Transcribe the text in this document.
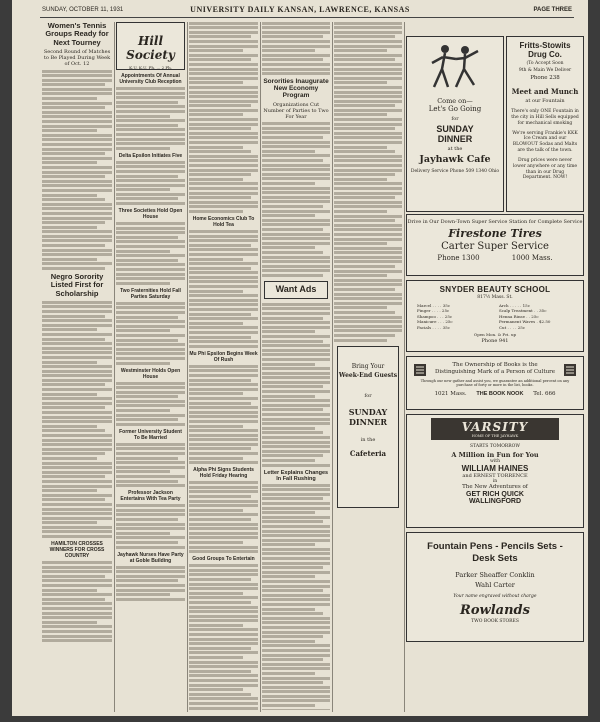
SUNDAY, OCTOBER 11, 1931	UNIVERSITY DAILY KANSAN, LAWRENCE, KANSAS	PAGE THREE
Women's Tennis Groups Ready for Next Tourney
Second Round of Matches to Be Played During Week of Oct. 12
Negro Sorority Listed First for Scholarship
HAMILTON CROSSES WINNERS FOR CROSS COUNTRY
Hill Society
K.U. K.U. Ph. ... 2 Ph.
Appointments Of Annual University Club Reception
Delta Epsilon Initiates Five
Three Societies Hold Open House
Two Fraternities Hold Fall Parties Saturday
Westminster Holds Open House
Former University Student To Be Married
Professor Jackson Entertains With Tea Party
Jayhawk Nurses Have Party at Goble Building
Home Economics Club To Hold Tea
Mu Phi Epsilon Begins Week Of Rush
Alpha Phi Signs Students Hold Friday Hearing
Good Groups To Entertain
Sororities Inaugurate New Economy Program
Organizations Cut Number of Parties to Two For Year
Want Ads
Letter Explains Changes In Fall Rushing
Bring Your
Week-End Guests
for
SUNDAY
DINNER
in the
Cafeteria
Come on—
Let's Go Going
for
SUNDAY
DINNER
at the
Jayhawk Cafe
Delivery Service Phone 509 1340 Ohio
Fritts-Stowits Drug Co.
(To Accept Soon
9th & Main We Deliver
Phone 238
Meet and Munch
at our Fountain
There's only ONE Fountain in the city in Hill Sells equipped for mechanical smoking
We're serving Frankie's KKK Ice Cream and our BLOWOUT Sodas and Malts are the talk of the town.
Drug prices were never lower anywhere or any time than in our Drug Department. NOW!
Drive in Our Down-Town Super Service Station for Complete Service
Firestone Tires
Carter Super Service
Phone 1300	1000 Mass.
SNYDER BEAUTY SCHOOL
817½ Mass. St.
Marcel . . . . 35c	Arch . . . . . 15c
Finger . . . . 25c	Scalp Treatment . . 35c
Shampoo . . . 25c	Henna Rinse . . 25c
Manicure . . . 25c	Permanent Waves . $2.50
Facials . . . . 35c	Cut . . . . 25c
Open Mon. & Fri. up
Phone 941
The Ownership of Books is the Distinguishing Mark of a Person of Culture
Through our new gather and assist you, we guarantee an additional percent on any purchase of forty or more in the list, books.
1021 Mass. THE BOOK NOOK Tel. 666
VARSITY
HOME OF THE JAYHAWK
STARTS TOMORROW
A Million in Fun for You
with
WILLIAM HAINES
and ERNEST TORRENCE
in
The New Adventures of
GET RICH QUICK
WALLINGFORD
Fountain Pens - Pencils Sets - Desk Sets
Parker Sheaffer Conklin
Wahl Carter
Your name engraved without charge
Rowlands
TWO BOOK STORES
